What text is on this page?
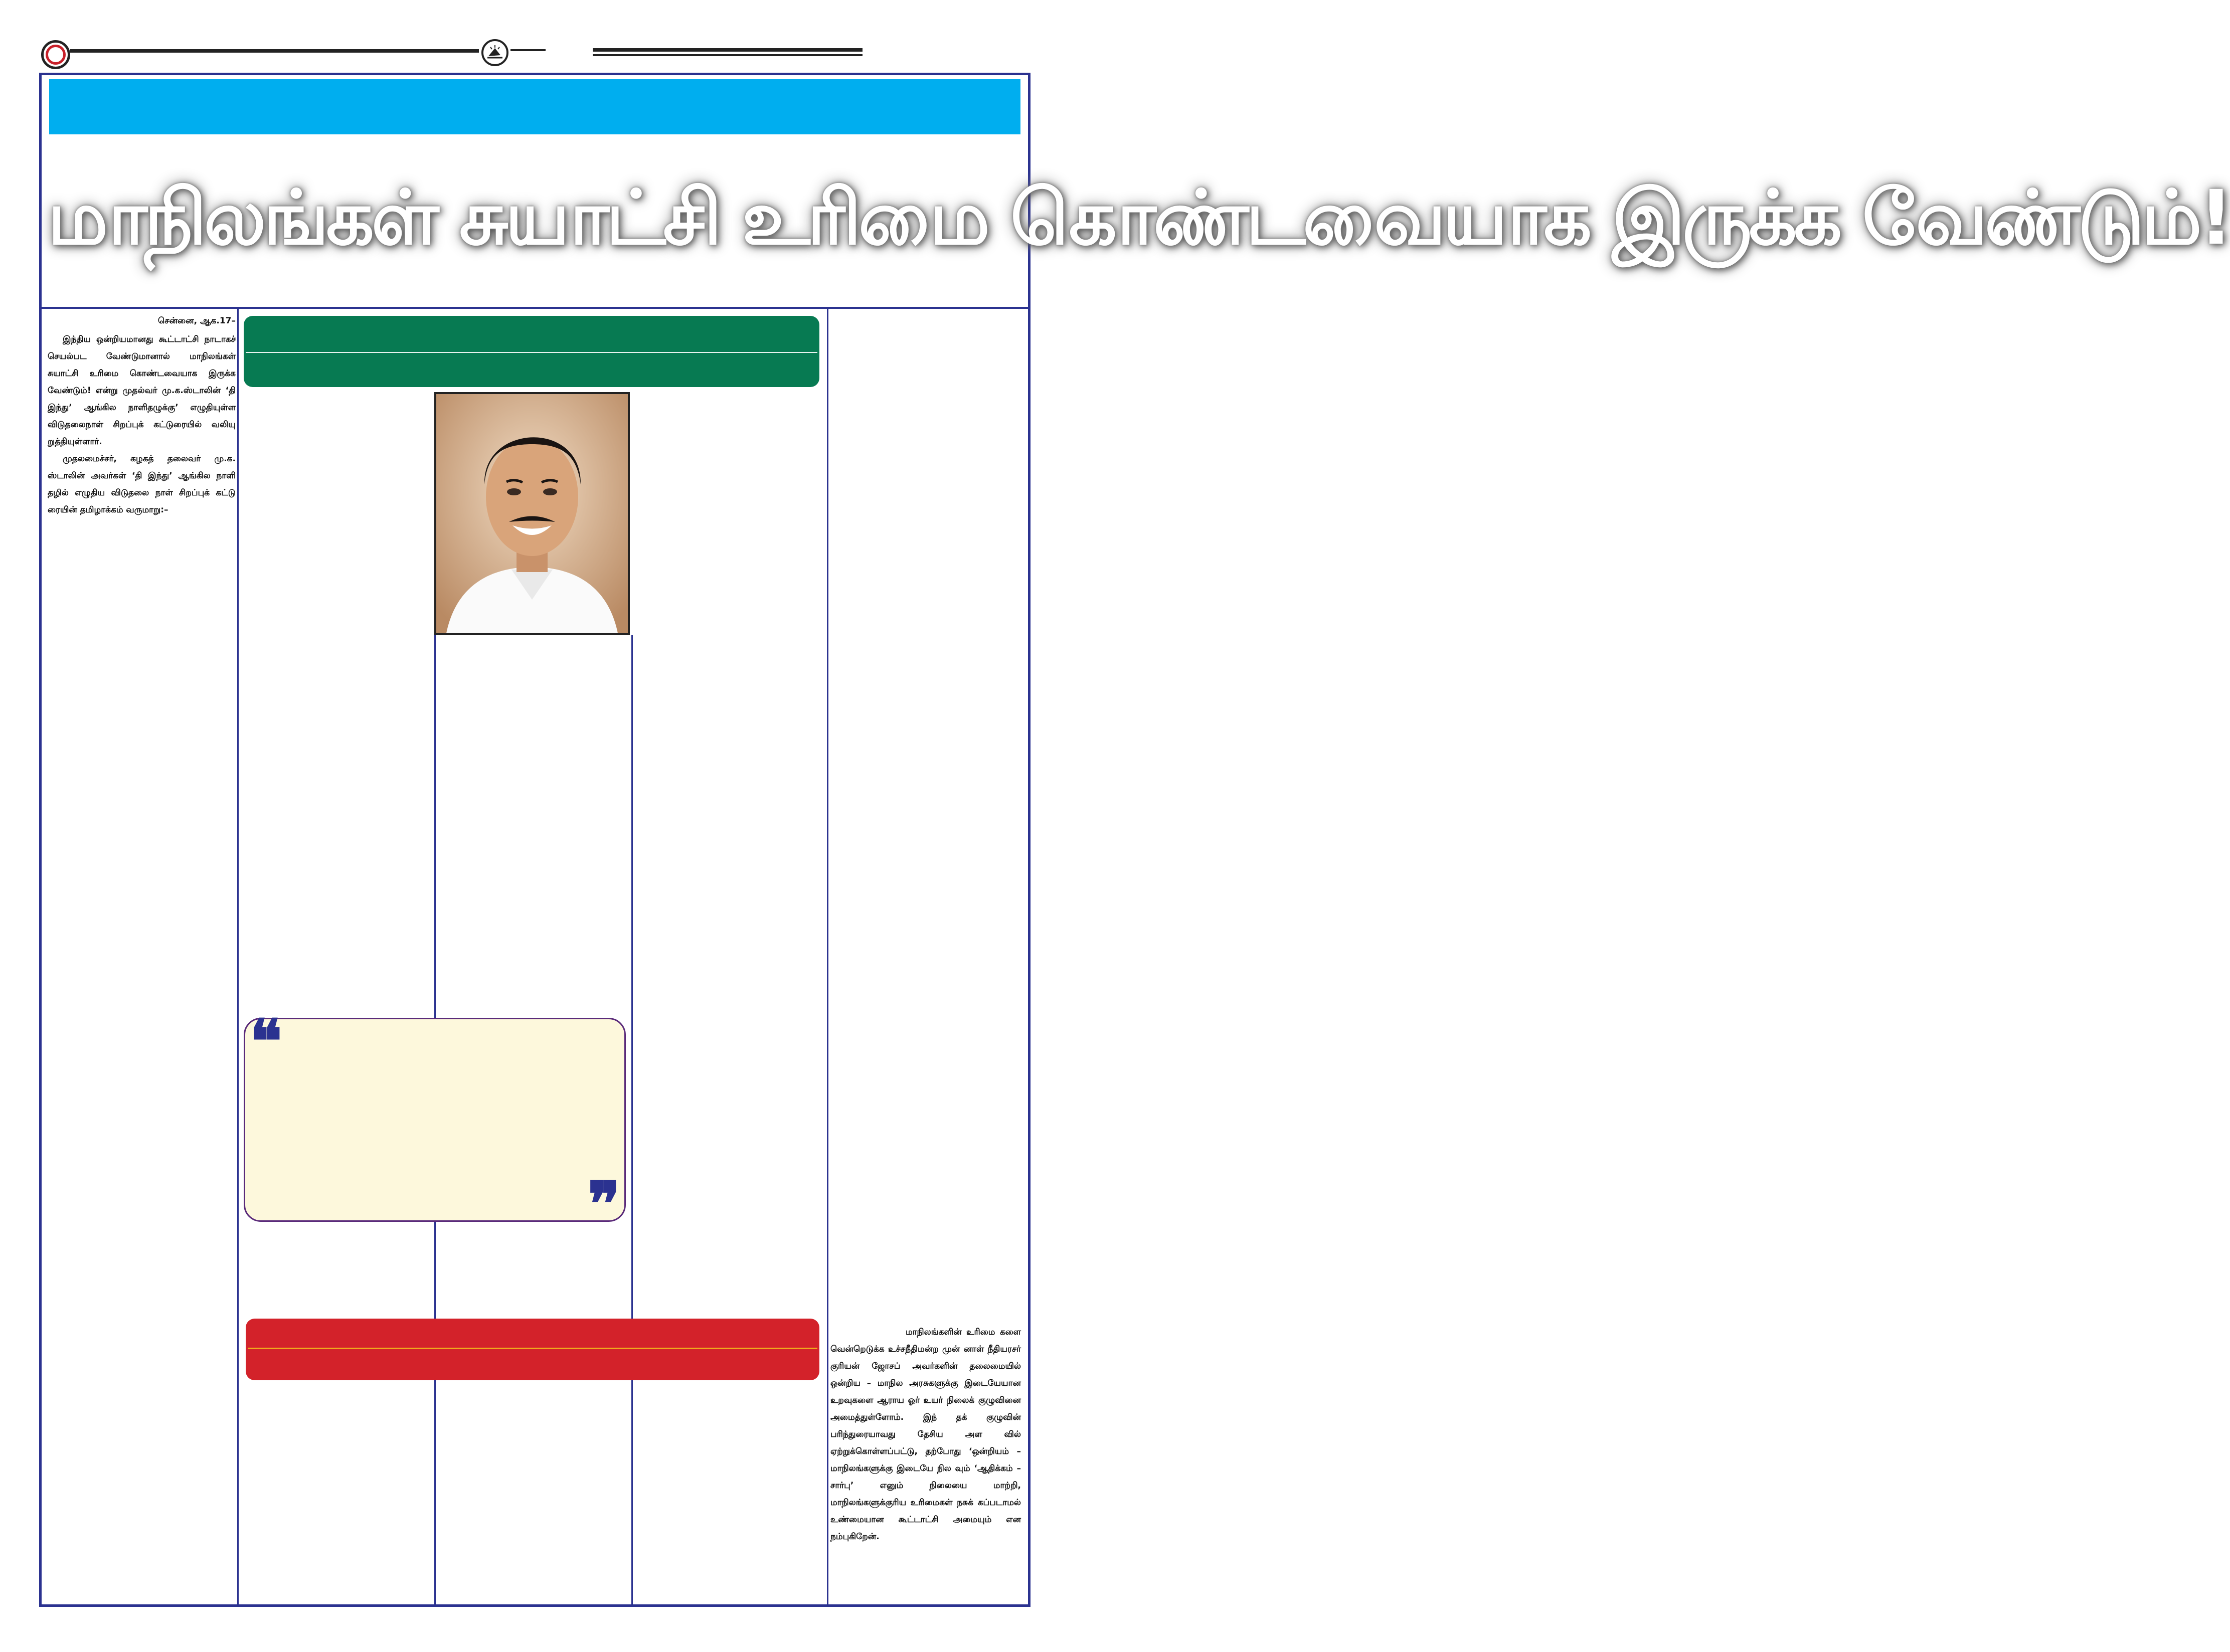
மாநிலங்கள் சுயாட்சி உரிமை கொண்டவையாக இருக்க வேண்டும்!
சென்னை, ஆக.17–

இந்திய ஒன்றியமானது கூட்டாட்சி நாடாகச் செயல்பட வேண்டுமானால் மாநிலங்கள் சுயாட்சி உரிமை கொண்டவையாக இருக்க வேண்டும்! என்று முதல்வர் மு.க.ஸ்டாலின் ‘தி இந்து’ ஆங்கில நாளிதழுக்கு’ எழுதியுள்ள விடுதலைநாள் சிறப்புக் கட்டுரையில் வலியு றுத்தியுள்ளார்.

முதலமைச்சர், கழகத் தலைவர் மு.க. ஸ்டாலின் அவர்கள் ‘தி இந்து’ ஆங்கில நாளி தழில் எழுதிய விடுதலை நாள் சிறப்புக் கட்டு ரையின் தமிழாக்கம் வருமாறு:–

❝
❞

மாநிலங்களின் உரிமை களை வென்றெடுக்க உச்சநீதிமன்ற முன் னாள் நீதியரசர் குரியன் ஜோசப் அவர்களின் தலைமையில் ஒன்றிய – மாநில அரசுகளுக்கு இடையேயான உறவுகளை ஆராய ஓர் உயர் நிலைக் குழுவினை அமைத்துள்ளோம். இந் தக் குழுவின் பரிந்துரையாவது தேசிய அள வில் ஏற்றுக்கொள்ளப்பட்டு, தற்போது ‘ஒன்றியம் – மாநிலங்களுக்கு இடையே நில வும் ‘ஆதிக்கம் – சார்பு’ எனும் நிலையை மாற்றி, மாநிலங்களுக்குரிய உரிமைகள் நசுக் கப்படாமல் உண்மையான கூட்டாட்சி அமையும் என நம்புகிறேன்.
